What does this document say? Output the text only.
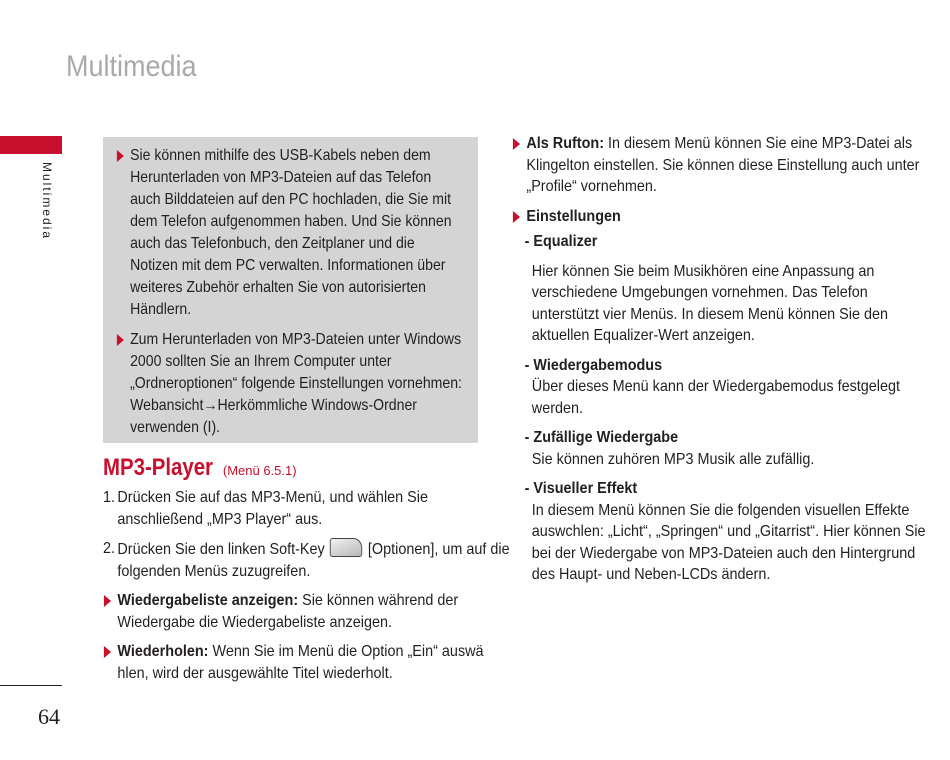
Multimedia
Multimedia
64
Sie können mithilfe des USB-Kabels neben dem Herunterladen von MP3-Dateien auf das Telefon auch Bilddateien auf den PC hochladen, die Sie mit dem Telefon aufgenommen haben. Und Sie können auch das Telefonbuch, den Zeitplaner und die Notizen mit dem PC verwalten. Informationen über weiteres Zubehör erhalten Sie von autorisierten Händlern.
Zum Herunterladen von MP3-Dateien unter Windows 2000 sollten Sie an Ihrem Computer unter „Ordneroptionen“ folgende Einstellungen vornehmen: Webansicht→Herkömmliche Windows-Ordner verwenden (I).
MP3-Player (Menü 6.5.1)
1. Drücken Sie auf das MP3-Menü, und wählen Sie anschließend „MP3 Player“ aus.
2. Drücken Sie den linken Soft-Key	[Optionen], um auf die folgenden Menüs zuzugreifen.
Wiedergabeliste anzeigen: Sie können während der Wiedergabe die Wiedergabeliste anzeigen.
Wiederholen: Wenn Sie im Menü die Option „Ein“ auswä hlen, wird der ausgewählte Titel wiederholt.
Als Rufton: In diesem Menü können Sie eine MP3-Datei als Klingelton einstellen. Sie können diese Einstellung auch unter „Profile“ vornehmen.
Einstellungen
- Equalizer
Hier können Sie beim Musikhören eine Anpassung an verschiedene Umgebungen vornehmen. Das Telefon unterstützt vier Menüs. In diesem Menü können Sie den aktuellen Equalizer-Wert anzeigen.
- Wiedergabemodus
Über dieses Menü kann der Wiedergabemodus festgelegt werden.
- Zufällige Wiedergabe
Sie können zuhören MP3 Musik alle zufällig.
- Visueller Effekt
In diesem Menü können Sie die folgenden visuellen Effekte auswchlen: „Licht“, „Springen“ und „Gitarrist“. Hier können Sie bei der Wiedergabe von MP3-Dateien auch den Hintergrund des Haupt- und Neben-LCDs ändern.
